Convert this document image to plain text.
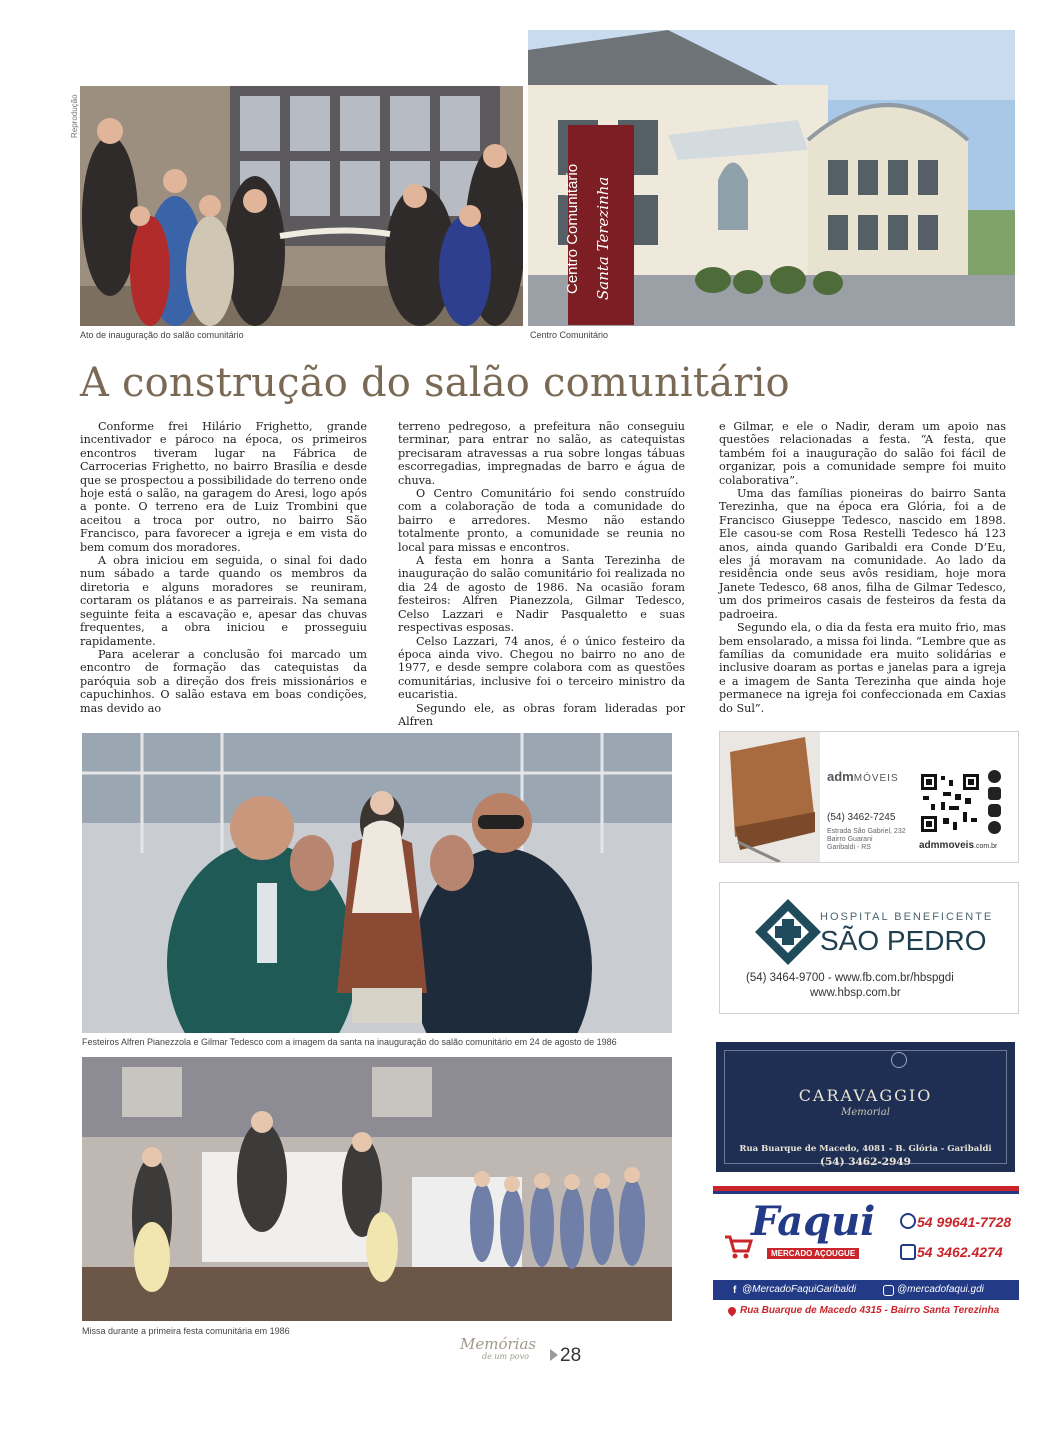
Reprodução
Ato de inauguração do salão comunitário
Centro Comunitário Santa Terezinha
Centro Comunitário
A construção do salão comunitário

Conforme frei Hilário Frighetto, grande incentivador e pároco na época, os primeiros encontros tiveram lugar na Fábrica de Carrocerias Frighetto, no bairro Brasília e desde que se prospectou a possibilidade do terreno onde hoje está o salão, na garagem do Aresi, logo após a ponte. O terreno era de Luiz Trombini que aceitou a troca por outro, no bairro São Francisco, para favorecer a igreja e em vista do bem comum dos moradores.

A obra iniciou em seguida, o sinal foi dado num sábado a tarde quando os membros da diretoria e alguns moradores se reuniram, cortaram os plátanos e as parreirais. Na semana seguinte feita a escavação e, apesar das chuvas frequentes, a obra iniciou e prosseguiu rapidamente.

Para acelerar a conclusão foi marcado um encontro de formação das catequistas da paróquia sob a direção dos freis missionários e capuchinhos. O salão estava em boas condições, mas devido ao

terreno pedregoso, a prefeitura não conseguiu terminar, para entrar no salão, as catequistas precisaram atravessas a rua sobre longas tábuas escorregadias, impregnadas de barro e água de chuva.

O Centro Comunitário foi sendo construído com a colaboração de toda a comunidade do bairro e arredores. Mesmo não estando totalmente pronto, a comunidade se reunia no local para missas e encontros.

A festa em honra a Santa Terezinha de inauguração do salão comunitário foi realizada no dia 24 de agosto de 1986. Na ocasião foram festeiros: Alfren Pianezzola, Gilmar Tedesco, Celso Lazzari e Nadir Pasqualetto e suas respectivas esposas.

Celso Lazzari, 74 anos, é o único festeiro da época ainda vivo. Chegou no bairro no ano de 1977, e desde sempre colabora com as questões comunitárias, inclusive foi o terceiro ministro da eucaristia.

Segundo ele, as obras foram lideradas por Alfren

e Gilmar, e ele o Nadir, deram um apoio nas questões relacionadas a festa. “A festa, que também foi a inauguração do salão foi fácil de organizar, pois a comunidade sempre foi muito colaborativa”.

Uma das famílias pioneiras do bairro Santa Terezinha, que na época era Glória, foi a de Francisco Giuseppe Tedesco, nascido em 1898. Ele casou-se com Rosa Restelli Tedesco há 123 anos, ainda quando Garibaldi era Conde D’Eu, eles já moravam na comunidade. Ao lado da residência onde seus avôs residiam, hoje mora Janete Tedesco, 68 anos, filha de Gilmar Tedesco, um dos primeiros casais de festeiros da festa da padroeira.

Segundo ela, o dia da festa era muito frio, mas bem ensolarado, a missa foi linda. “Lembre que as famílias da comunidade era muito solidárias e inclusive doaram as portas e janelas para a igreja e a imagem de Santa Terezinha que ainda hoje permanece na igreja foi confeccionada em Caxias do Sul”.

Festeiros Alfren Pianezzola e Gilmar Tedesco com a imagem da santa na inauguração do salão comunitário em 24 de agosto de 1986
Missa durante a primeira festa comunitária em 1986
admMÓVEIS
(54) 3462-7245
Estrada São Gabriel, 232
Bairro Guarani
Garibaldi - RS	admmoveis.com.br
HOSPITAL BENEFICENTE
SÃO PEDRO
(54) 3464-9700 - www.fb.com.br/hbspgdi
www.hbsp.com.br
CARAVAGGIO
Memorial
Rua Buarque de Macedo, 4081 - B. Glória - Garibaldi
(54) 3462-2949
Faqui
MERCADO AÇOUGUE
54 99641-7728
54 3462.4274
f @MercadoFaquiGaribaldi	@mercadofaqui.gdi
Rua Buarque de Macedo 4315 - Bairro Santa Terezinha
Memórias
de um povo	28
